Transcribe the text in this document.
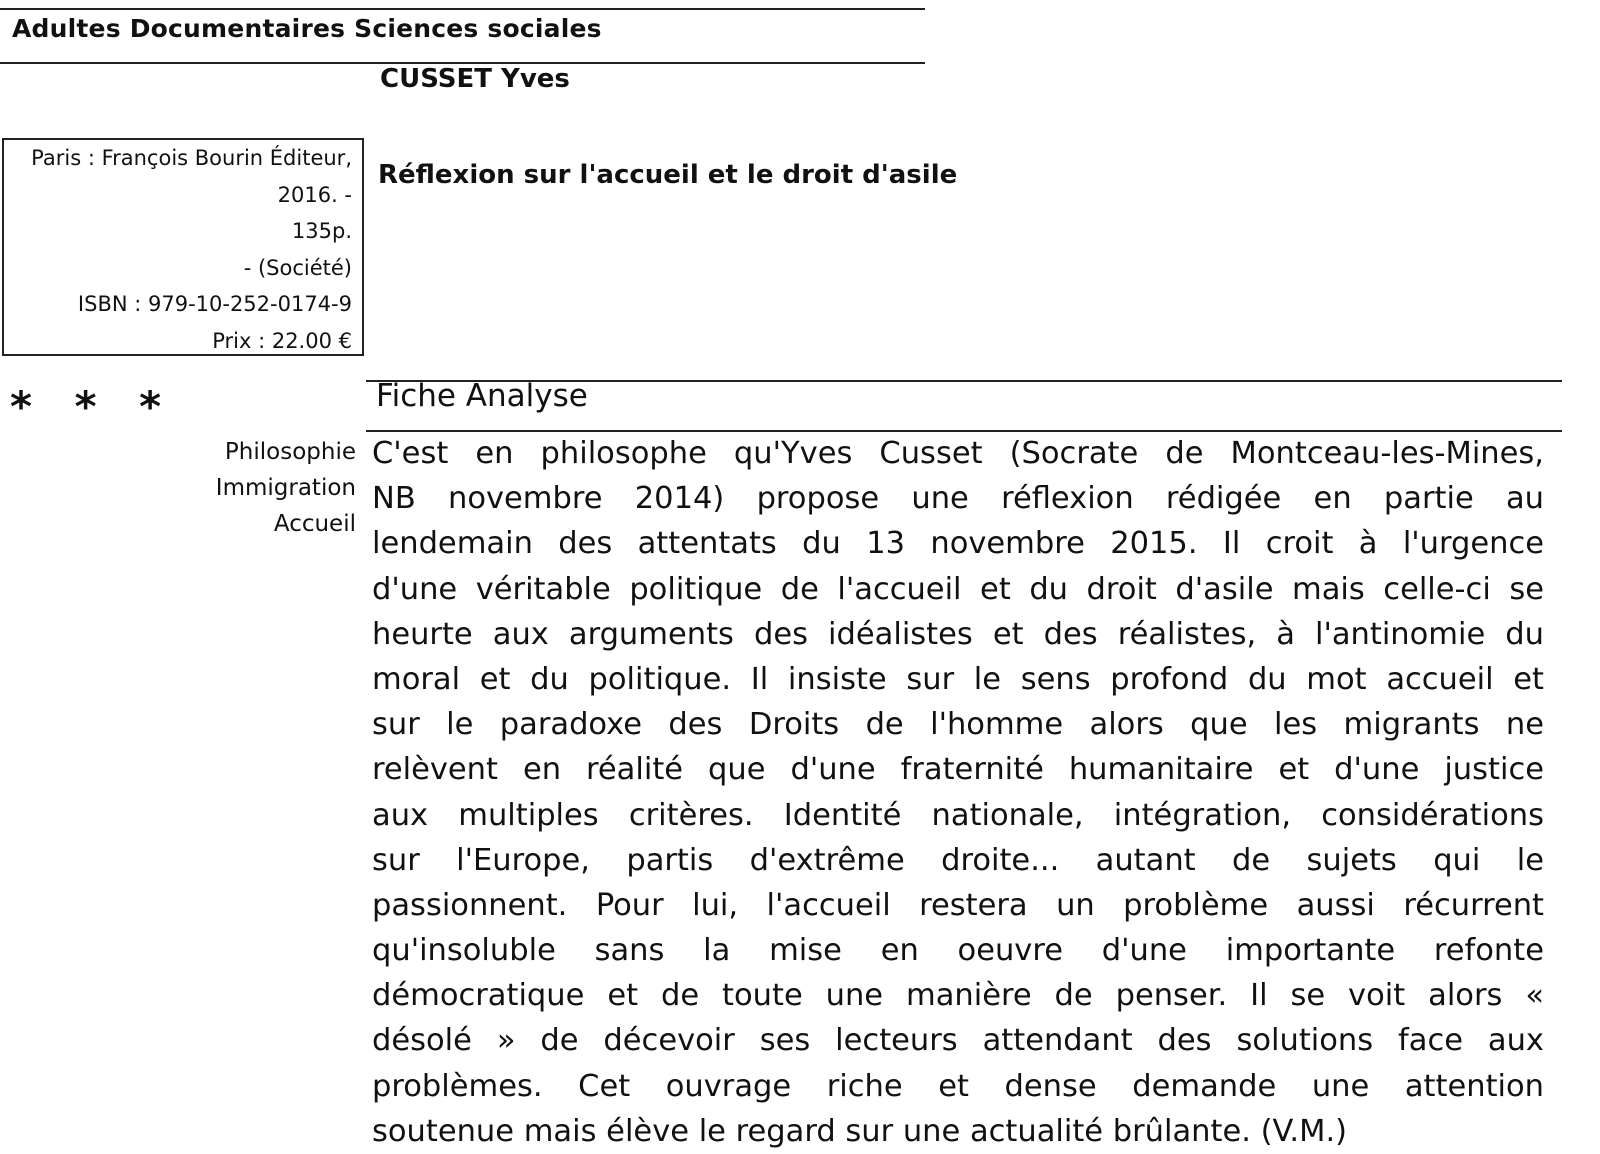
Adultes Documentaires Sciences sociales
CUSSET Yves
Paris : François Bourin Éditeur,
2016. -
135p.
- (Société)
ISBN : 979-10-252-0174-9
Prix : 22.00 €
Réflexion sur l'accueil et le droit d'asile
* * *	Fiche Analyse
Philosophie
Immigration
Accueil
C'est en philosophe qu'Yves Cusset (Socrate de Montceau-les-Mines,
NB novembre 2014) propose une réflexion rédigée en partie au
lendemain des attentats du 13 novembre 2015. Il croit à l'urgence
d'une véritable politique de l'accueil et du droit d'asile mais celle-ci se
heurte aux arguments des idéalistes et des réalistes, à l'antinomie du
moral et du politique. Il insiste sur le sens profond du mot accueil et
sur le paradoxe des Droits de l'homme alors que les migrants ne
relèvent en réalité que d'une fraternité humanitaire et d'une justice
aux multiples critères. Identité nationale, intégration, considérations
sur l'Europe, partis d'extrême droite... autant de sujets qui le
passionnent. Pour lui, l'accueil restera un problème aussi récurrent
qu'insoluble sans la mise en oeuvre d'une importante refonte
démocratique et de toute une manière de penser. Il se voit alors «
désolé » de décevoir ses lecteurs attendant des solutions face aux
problèmes. Cet ouvrage riche et dense demande une attention
soutenue mais élève le regard sur une actualité brûlante. (V.M.)
